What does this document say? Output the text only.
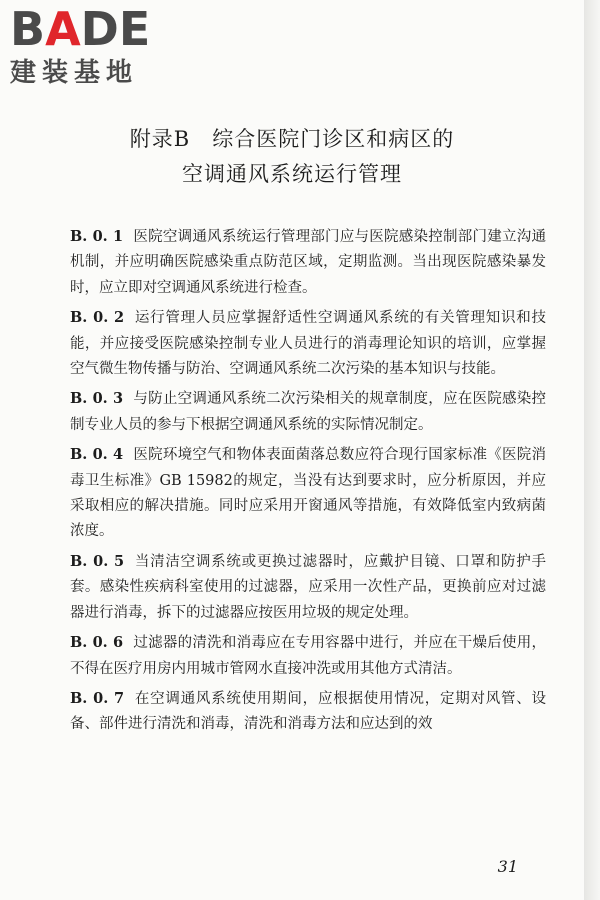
B A D E
建装基地
附录B　综合医院门诊区和病区的
空调通风系统运行管理

B. 0. 1 医院空调通风系统运行管理部门应与医院感染控制部门建立沟通机制，并应明确医院感染重点防范区域，定期监测。当出现医院感染暴发时，应立即对空调通风系统进行检查。

B. 0. 2 运行管理人员应掌握舒适性空调通风系统的有关管理知识和技能，并应接受医院感染控制专业人员进行的消毒理论知识的培训，应掌握空气微生物传播与防治、空调通风系统二次污染的基本知识与技能。

B. 0. 3 与防止空调通风系统二次污染相关的规章制度，应在医院感染控制专业人员的参与下根据空调通风系统的实际情况制定。

B. 0. 4 医院环境空气和物体表面菌落总数应符合现行国家标准《医院消毒卫生标准》GB 15982的规定，当没有达到要求时，应分析原因，并应采取相应的解决措施。同时应采用开窗通风等措施，有效降低室内致病菌浓度。

B. 0. 5 当清洁空调系统或更换过滤器时，应戴护目镜、口罩和防护手套。感染性疾病科室使用的过滤器，应采用一次性产品，更换前应对过滤器进行消毒，拆下的过滤器应按医用垃圾的规定处理。

B. 0. 6 过滤器的清洗和消毒应在专用容器中进行，并应在干燥后使用，不得在医疗用房内用城市管网水直接冲洗或用其他方式清洁。

B. 0. 7 在空调通风系统使用期间，应根据使用情况，定期对风管、设备、部件进行清洗和消毒，清洗和消毒方法和应达到的效

31
